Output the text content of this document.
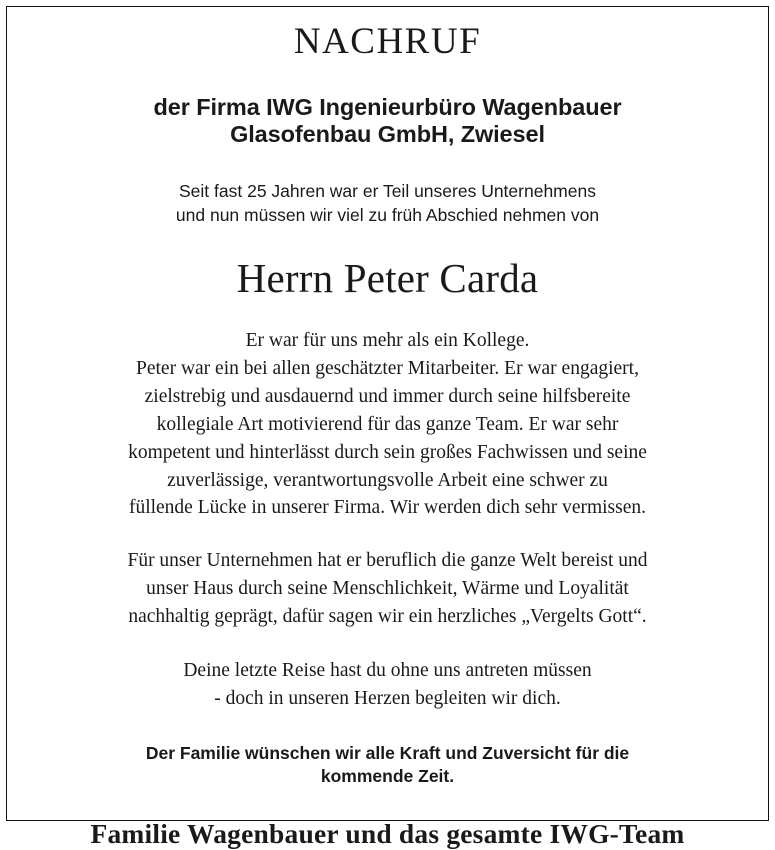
NACHRUF
der Firma IWG Ingenieurbüro Wagenbauer
Glasofenbau GmbH, Zwiesel
Seit fast 25 Jahren war er Teil unseres Unternehmens
und nun müssen wir viel zu früh Abschied nehmen von
Herrn Peter Carda
Er war für uns mehr als ein Kollege.
Peter war ein bei allen geschätzter Mitarbeiter. Er war engagiert,
zielstrebig und ausdauernd und immer durch seine hilfsbereite
kollegiale Art motivierend für das ganze Team. Er war sehr
kompetent und hinterlässt durch sein großes Fachwissen und seine
zuverlässige, verantwortungsvolle Arbeit eine schwer zu
füllende Lücke in unserer Firma. Wir werden dich sehr vermissen.
Für unser Unternehmen hat er beruflich die ganze Welt bereist und
unser Haus durch seine Menschlichkeit, Wärme und Loyalität
nachhaltig geprägt, dafür sagen wir ein herzliches „Vergelts Gott“.
Deine letzte Reise hast du ohne uns antreten müssen
- doch in unseren Herzen begleiten wir dich.
Der Familie wünschen wir alle Kraft und Zuversicht für die
kommende Zeit.
Familie Wagenbauer und das gesamte IWG-Team
